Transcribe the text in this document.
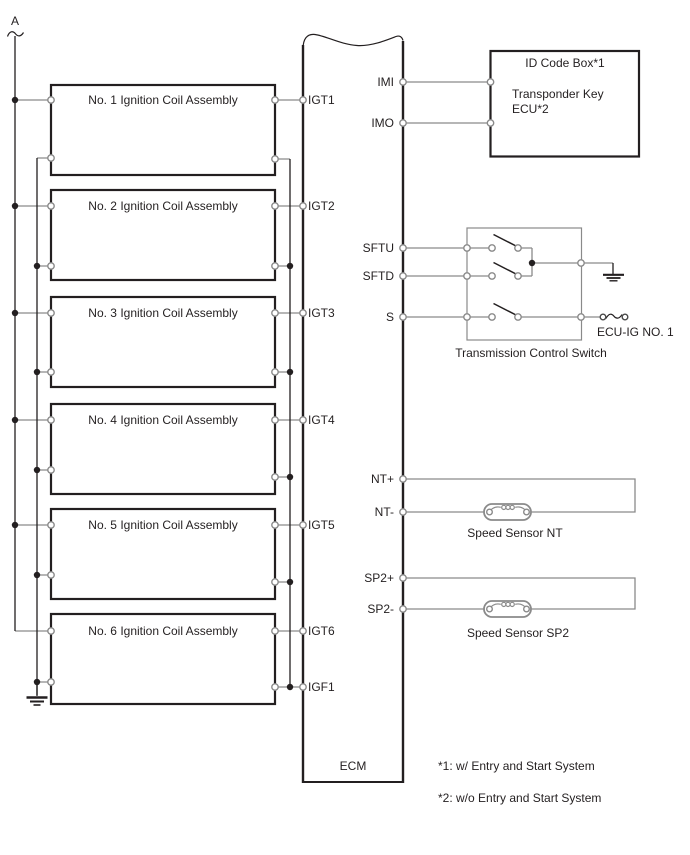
A
No. 1 Ignition Coil Assembly
No. 2 Ignition Coil Assembly
No. 3 Ignition Coil Assembly
No. 4 Ignition Coil Assembly
No. 5 Ignition Coil Assembly
No. 6 Ignition Coil Assembly
IGT1
IGT2
IGT3
IGT4
IGT5
IGT6
IGF1
IMI
IMO
SFTU
SFTD
S
NT+
NT-
SP2+
SP2-
ECM
ID Code Box*1
Transponder Key
ECU*2
Transmission Control Switch
ECU-IG NO. 1
Speed Sensor NT
Speed Sensor SP2
*1: w/ Entry and Start System
*2: w/o Entry and Start System
